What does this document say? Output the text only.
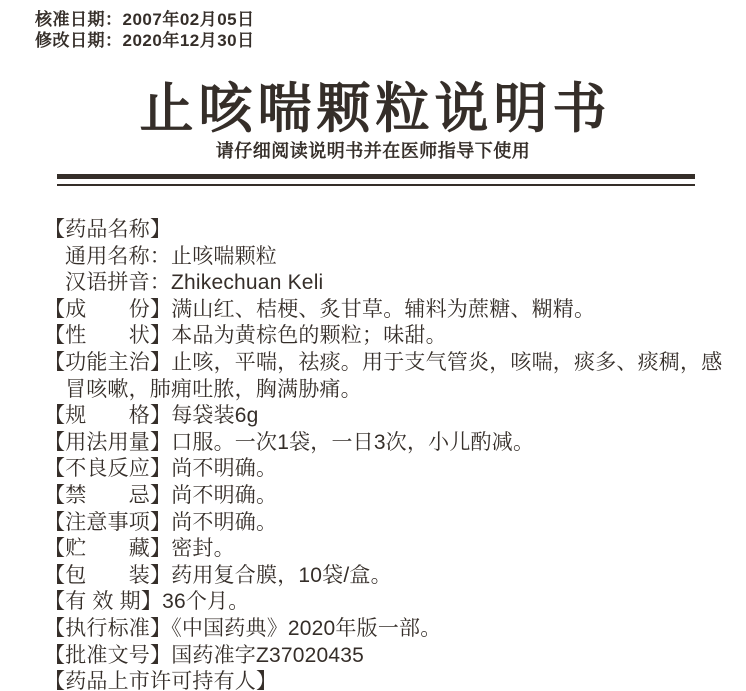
核准日期：2007年02月05日
修改日期：2020年12月30日
止咳喘颗粒说明书
请仔细阅读说明书并在医师指导下使用
【药品名称】
通用名称：止咳喘颗粒
汉语拼音：Zhikechuan Keli
【成　　份】满山红、桔梗、炙甘草。辅料为蔗糖、糊精。
【性　　状】本品为黄棕色的颗粒；味甜。
【功能主治】止咳，平喘，祛痰。用于支气管炎，咳喘，痰多、痰稠，感
冒咳嗽，肺痈吐脓，胸满胁痛。
【规　　格】每袋装6g
【用法用量】口服。一次1袋，一日3次，小儿酌减。
【不良反应】尚不明确。
【禁　　忌】尚不明确。
【注意事项】尚不明确。
【贮　　藏】密封。
【包　　装】药用复合膜，10袋/盒。
【有 效 期】36个月。
【执行标准】《中国药典》2020年版一部。
【批准文号】国药准字Z37020435
【药品上市许可持有人】
